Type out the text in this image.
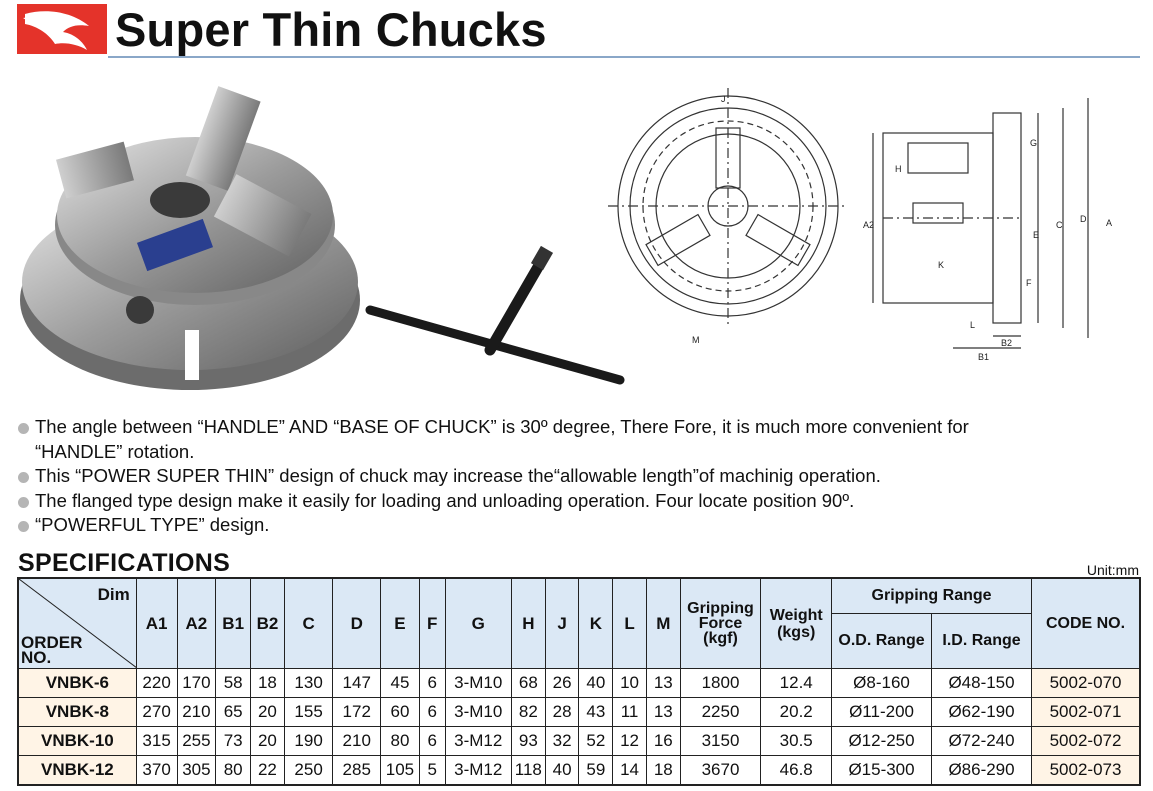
Super Thin Chucks
J
G
H
A2
E
C
D A
K
F
L
M	B2
B1
The angle between “HANDLE” AND “BASE OF CHUCK” is 30º degree, There Fore, it is much more convenient for “HANDLE” rotation.
This “POWER SUPER THIN” design of chuck may increase the“allowable length”of machinig operation.
The flanged type design make it easily for loading and unloading operation. Four locate position 90º.
“POWERFUL TYPE” design.
SPECIFICATIONS	Unit:mm
Dim
ORDER NO.	A1	A2	B1	B2	C	D	E	F	G	H	J	K	L	M	Gripping Force (kgf)	Weight (kgs)	Gripping Range		CODE NO.
																	O.D. Range	I.D. Range	
VNBK-6	220	170	58	18	130	147	45	6	3-M10	68	26	40	10	13	1800	12.4	Ø8-160	Ø48-150	5002-070
VNBK-8	270	210	65	20	155	172	60	6	3-M10	82	28	43	11	13	2250	20.2	Ø11-200	Ø62-190	5002-071
VNBK-10	315	255	73	20	190	210	80	6	3-M12	93	32	52	12	16	3150	30.5	Ø12-250	Ø72-240	5002-072
VNBK-12	370	305	80	22	250	285	105	5	3-M12	118	40	59	14	18	3670	46.8	Ø15-300	Ø86-290	5002-073
